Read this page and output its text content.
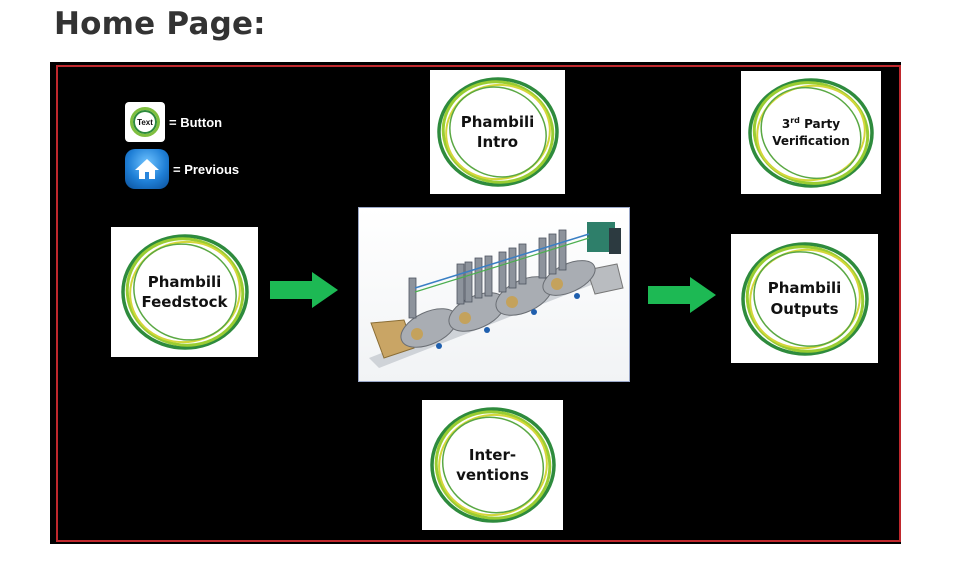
Home Page:
Text = Button
= Previous
Phambili
Intro
3rd Party
Verification
Phambili
Feedstock
Phambili
Outputs
Inter-
ventions
